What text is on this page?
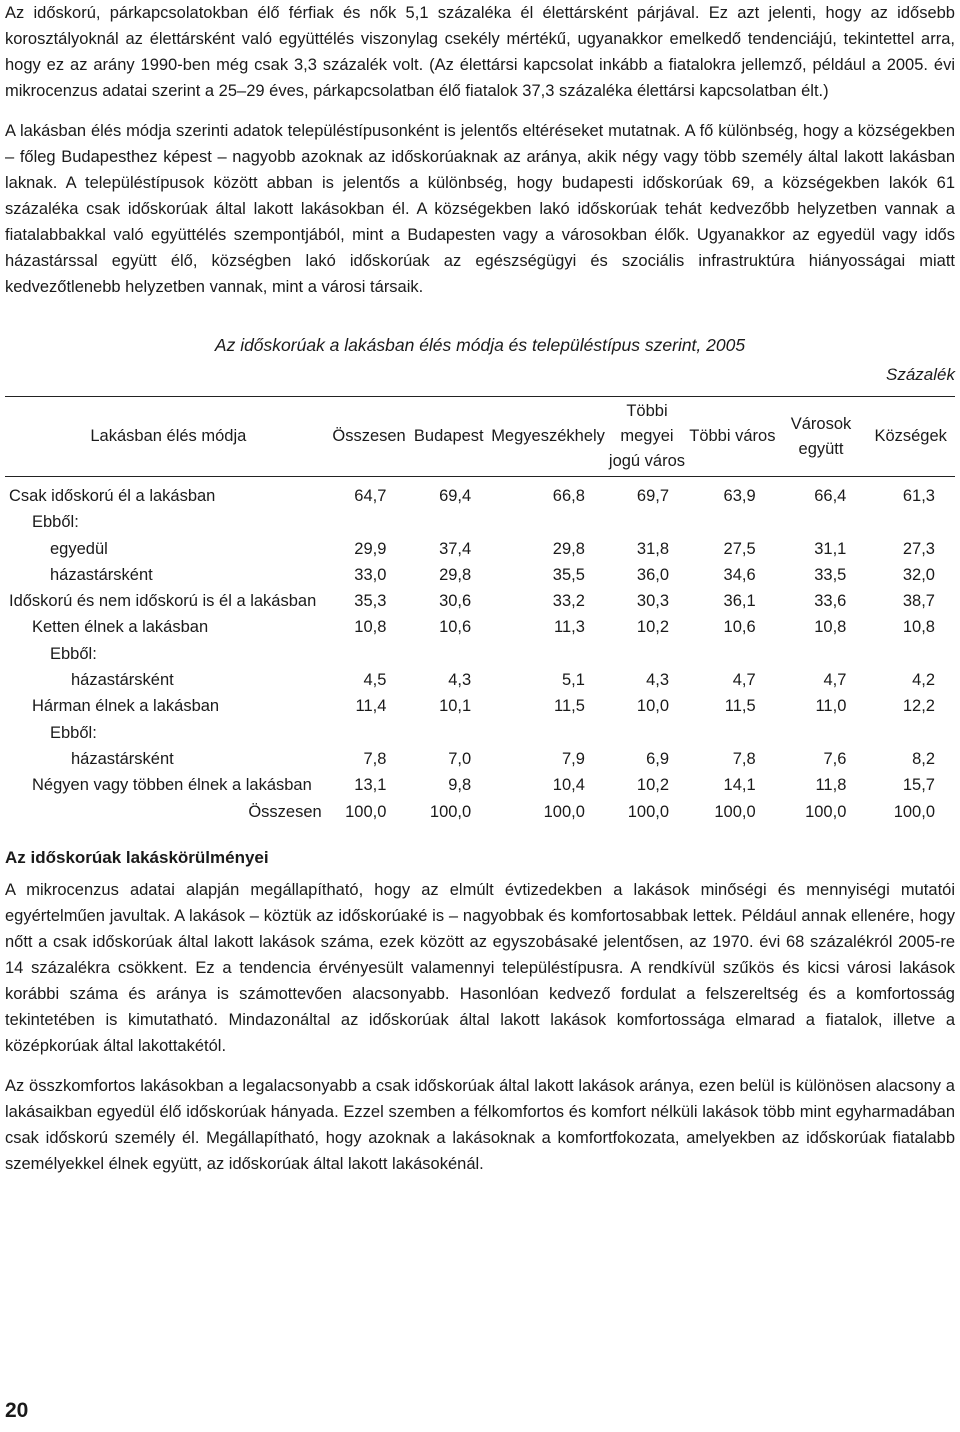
Az időskorú, párkapcsolatokban élő férfiak és nők 5,1 százaléka él élettársként párjával. Ez azt jelenti, hogy az idősebb korosztályoknál az élettársként való együttélés viszonylag csekély mértékű, ugyanakkor emelkedő tendenciájú, tekintettel arra, hogy ez az arány 1990-ben még csak 3,3 százalék volt. (Az élettársi kapcsolat inkább a fiatalokra jellemző, például a 2005. évi mikrocenzus adatai szerint a 25–29 éves, párkapcsolatban élő fiatalok 37,3 százaléka élettársi kapcsolatban élt.)

A lakásban élés módja szerinti adatok településtípusonként is jelentős eltéréseket mutatnak. A fő különbség, hogy a községekben – főleg Budapesthez képest – nagyobb azoknak az időskorúaknak az aránya, akik négy vagy több személy által lakott lakásban laknak. A településtípusok között abban is jelentős a különbség, hogy budapesti időskorúak 69, a községekben lakók 61 százaléka csak időskorúak által lakott lakásokban él. A községekben lakó időskorúak tehát kedvezőbb helyzetben vannak a fiatalabbakkal való együttélés szempontjából, mint a Budapesten vagy a városokban élők. Ugyanakkor az egyedül vagy idős házastárssal együtt élő, községben lakó időskorúak az egészségügyi és szociális infrastruktúra hiányosságai miatt kedvezőtlenebb helyzetben vannak, mint a városi társaik.

Az időskorúak a lakásban élés módja és településtípus szerint, 2005
Százalék
Lakásban élés módja	Összesen	Budapest	Megyeszékhely	Többi megyei jogú város	Többi város	Városok együtt	Községek
Csak időskorú él a lakásban	64,7	69,4	66,8	69,7	63,9	66,4	61,3
Ebből:							
egyedül	29,9	37,4	29,8	31,8	27,5	31,1	27,3
házastársként	33,0	29,8	35,5	36,0	34,6	33,5	32,0
Időskorú és nem időskorú is él a lakásban	35,3	30,6	33,2	30,3	36,1	33,6	38,7
Ketten élnek a lakásban	10,8	10,6	11,3	10,2	10,6	10,8	10,8
Ebből:							
házastársként	4,5	4,3	5,1	4,3	4,7	4,7	4,2
Hárman élnek a lakásban	11,4	10,1	11,5	10,0	11,5	11,0	12,2
Ebből:							
házastársként	7,8	7,0	7,9	6,9	7,8	7,6	8,2
Négyen vagy többen élnek a lakásban	13,1	9,8	10,4	10,2	14,1	11,8	15,7
Összesen	100,0	100,0	100,0	100,0	100,0	100,0	100,0
Az időskorúak lakáskörülményei

A mikrocenzus adatai alapján megállapítható, hogy az elmúlt évtizedekben a lakások minőségi és mennyiségi mutatói egyértelműen javultak. A lakások – köztük az időskorúaké is – nagyobbak és komfortosabbak lettek. Például annak ellenére, hogy nőtt a csak időskorúak által lakott lakások száma, ezek között az egyszobásaké jelentősen, az 1970. évi 68 százalékról 2005-re 14 százalékra csökkent. Ez a tendencia érvényesült valamennyi településtípusra. A rendkívül szűkös és kicsi városi lakások korábbi száma és aránya is számottevően alacsonyabb. Hasonlóan kedvező fordulat a felszereltség és a komfortosság tekintetében is kimutatható. Mindazonáltal az időskorúak által lakott lakások komfortossága elmarad a fiatalok, illetve a középkorúak által lakottakétól.

Az összkomfortos lakásokban a legalacsonyabb a csak időskorúak által lakott lakások aránya, ezen belül is különösen alacsony a lakásaikban egyedül élő időskorúak hányada. Ezzel szemben a félkomfortos és komfort nélküli lakások több mint egyharmadában csak időskorú személy él. Megállapítható, hogy azoknak a lakásoknak a komfortfokozata, amelyekben az időskorúak fiatalabb személyekkel élnek együtt, az időskorúak által lakott lakásokénál.

20
